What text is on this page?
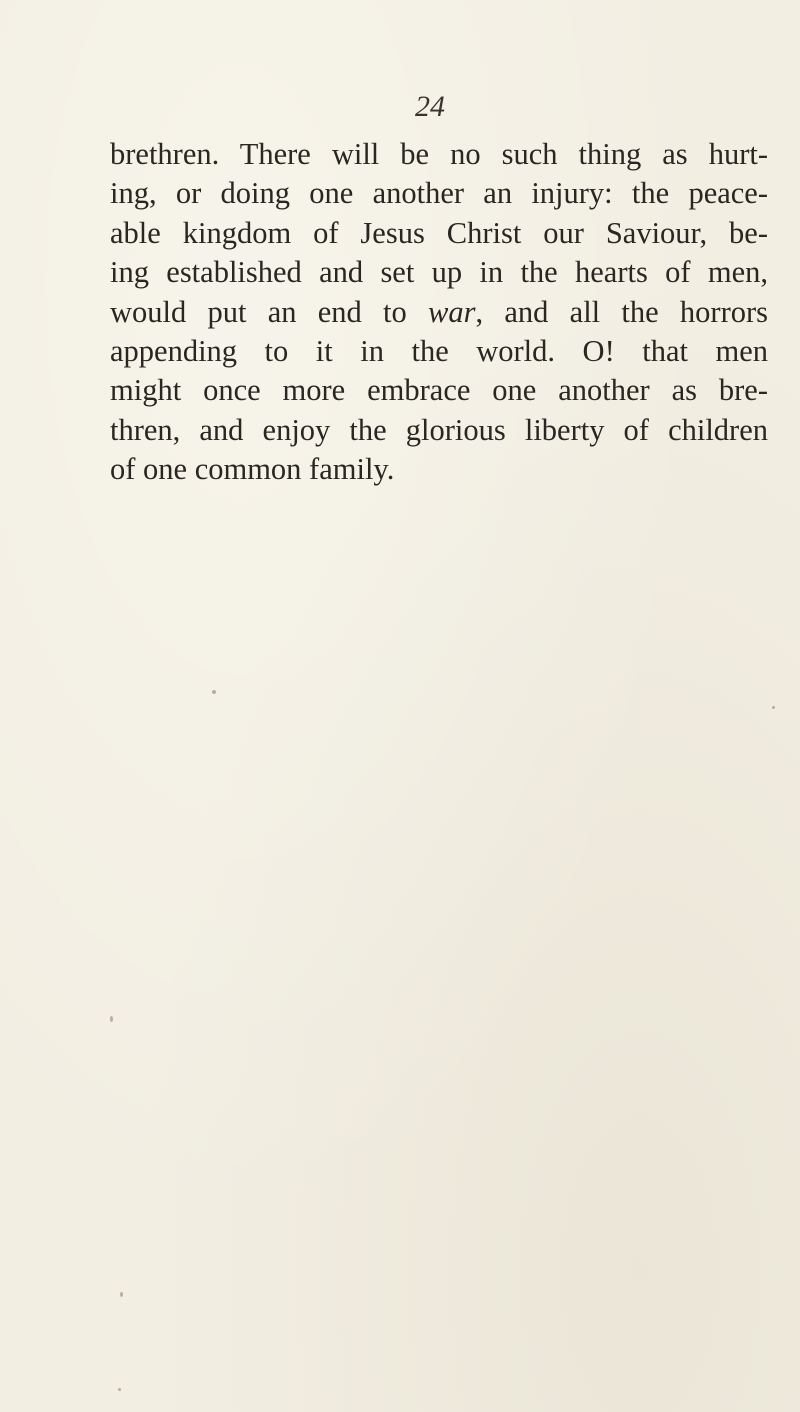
24
brethren. There will be no such thing as hurt-
ing, or doing one another an injury: the peace-
able kingdom of Jesus Christ our Saviour, be-
ing established and set up in the hearts of men,
would put an end to war, and all the horrors
appending to it in the world. O! that men
might once more embrace one another as bre-
thren, and enjoy the glorious liberty of children
of one common family.
